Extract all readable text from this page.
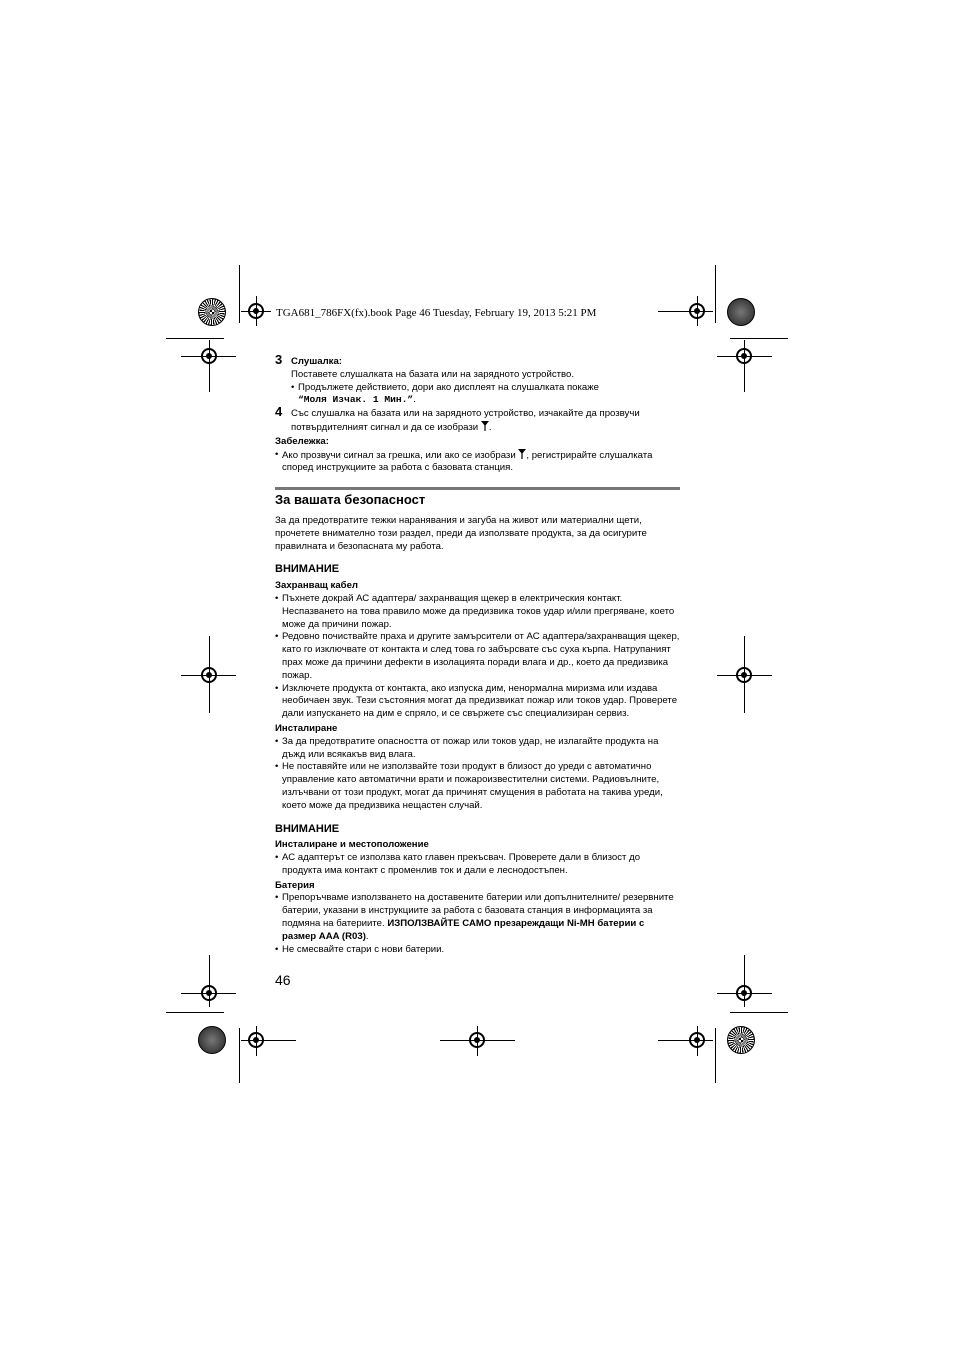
TGA681_786FX(fx).book Page 46 Tuesday, February 19, 2013 5:21 PM
3 Слушалка:
Поставете слушалката на базата или на зарядното устройство.
• Продължете действието, дори ако дисплеят на слушалката покаже
“Моля Изчак. 1 Мин.”.
4 Със слушалка на базата или на зарядното устройство, изчакайте да прозвучи
потвърдителният сигнал и да се изобрази .
Забележка:
• Ако прозвучи сигнал за грешка, или ако се изобрази , регистрирайте слушалката
според инструкциите за работа с базовата станция.
За вашата безопасност
За да предотвратите тежки наранявания и загуба на живот или материални щети, прочетете внимателно този раздел, преди да използвате продукта, за да осигурите правилната и безопасната му работа.
ВНИМАНИЕ
Захранващ кабел
• Пъхнете докрай АС адаптера/ захранващия щекер в електрическия контакт. Неспазването на това правило може да предизвика токов удар и/или прегряване, което може да причини пожар.
• Редовно почиствайте праха и другите замърсители от АС адаптера/захранващия щекер, като го изключвате от контакта и след това го забърсвате със суха кърпа. Натрупаният прах може да причини дефекти в изолацията поради влага и др., което да предизвика пожар.
• Изключете продукта от контакта, ако изпуска дим, ненормална миризма или издава необичаен звук. Тези състояния могат да предизвикат пожар или токов удар. Проверете дали изпускането на дим е спряло, и се свържете със специализиран сервиз.
Инсталиране
• За да предотвратите опасността от пожар или токов удар, не излагайте продукта на дъжд или всякакъв вид влага.
• Не поставяйте или не използвайте този продукт в близост до уреди с автоматично управление като автоматични врати и пожароизвестителни системи. Радиовълните, излъчвани от този продукт, могат да причинят смущения в работата на такива уреди, което може да предизвика нещастен случай.
ВНИМАНИЕ
Инсталиране и местоположение
• АС адаптерът се използва като главен прекъсвач. Проверете дали в близост до продукта има контакт с променлив ток и дали е леснодостъпен.
Батерия
• Препоръчваме използването на доставените батерии или допълнителните/ резервните батерии, указани в инструкциите за работа с базовата станция в информацията за подмяна на батериите. ИЗПОЛЗВАЙТЕ САМО презареждащи Ni-MH батерии с размер AAA (R03).
• Не смесвайте стари с нови батерии.
46
